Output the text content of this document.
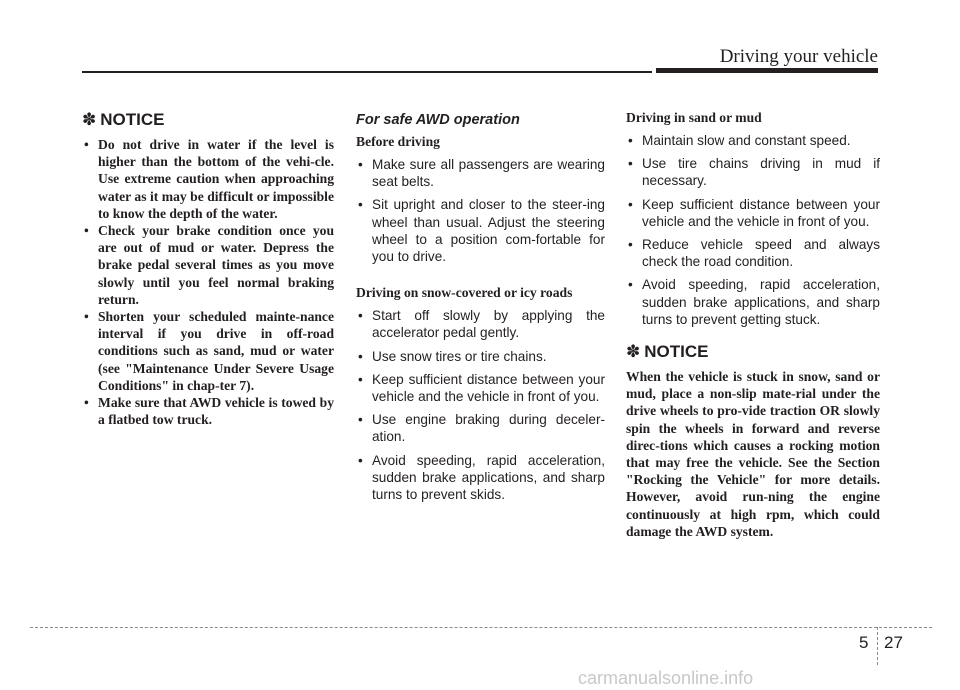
Driving your vehicle
✽ NOTICE
• Do not drive in water if the level is higher than the bottom of the vehi-cle. Use extreme caution when approaching water as it may be difficult or impossible to know the depth of the water.
• Check your brake condition once you are out of mud or water. Depress the brake pedal several times as you move slowly until you feel normal braking return.
• Shorten your scheduled mainte-nance interval if you drive in off-road conditions such as sand, mud or water (see "Maintenance Under Severe Usage Conditions" in chap-ter 7).
• Make sure that AWD vehicle is towed by a flatbed tow truck.
For safe AWD operation
Before driving
• Make sure all passengers are wearing seat belts.
• Sit upright and closer to the steer-ing wheel than usual. Adjust the steering wheel to a position com-fortable for you to drive.
Driving on snow-covered or icy roads
• Start off slowly by applying the accelerator pedal gently.
• Use snow tires or tire chains.
• Keep sufficient distance between your vehicle and the vehicle in front of you.
• Use engine braking during deceler-ation.
• Avoid speeding, rapid acceleration, sudden brake applications, and sharp turns to prevent skids.
Driving in sand or mud
• Maintain slow and constant speed.
• Use tire chains driving in mud if necessary.
• Keep sufficient distance between your vehicle and the vehicle in front of you.
• Reduce vehicle speed and always check the road condition.
• Avoid speeding, rapid acceleration, sudden brake applications, and sharp turns to prevent getting stuck.
✽ NOTICE

When the vehicle is stuck in snow, sand or mud, place a non-slip mate-rial under the drive wheels to pro-vide traction OR slowly spin the wheels in forward and reverse direc-tions which causes a rocking motion that may free the vehicle. See the Section "Rocking the Vehicle" for more details. However, avoid run-ning the engine continuously at high rpm, which could damage the AWD system.

5 27
carmanualsonline.info
